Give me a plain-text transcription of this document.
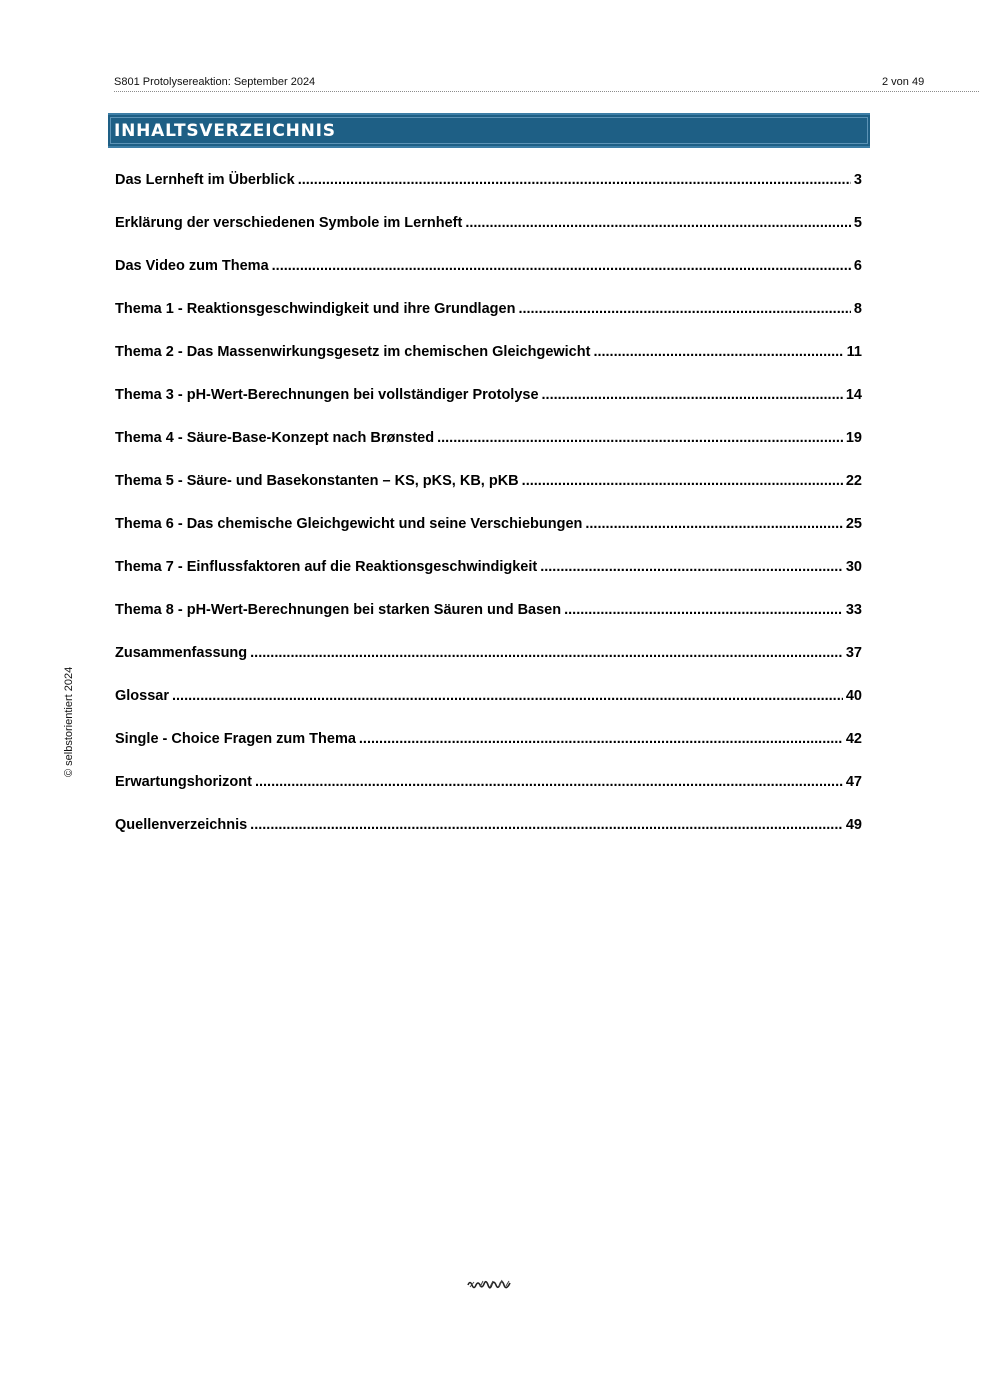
S801 Protolysereaktion: September 2024	2 von 49
INHALTSVERZEICHNIS
Das Lernheft im Überblick .....	3
Erklärung der verschiedenen Symbole im Lernheft .....	5
Das Video zum Thema .....	6
Thema 1 - Reaktionsgeschwindigkeit und ihre Grundlagen .....	8
Thema 2 - Das Massenwirkungsgesetz im chemischen Gleichgewicht .....	11
Thema 3 - pH-Wert-Berechnungen bei vollständiger Protolyse .....	14
Thema 4 - Säure-Base-Konzept nach Brønsted .....	19
Thema 5 - Säure- und Basekonstanten – KS, pKS, KB, pKB .....	22
Thema 6 - Das chemische Gleichgewicht und seine Verschiebungen .....	25
Thema 7 - Einflussfaktoren auf die Reaktionsgeschwindigkeit .....	30
Thema 8 - pH-Wert-Berechnungen bei starken Säuren und Basen .....	33
Zusammenfassung .....	37
Glossar .....	40
Single - Choice Fragen zum Thema .....	42
Erwartungshorizont .....	47
Quellenverzeichnis .....	49
© selbstorientiert 2024
